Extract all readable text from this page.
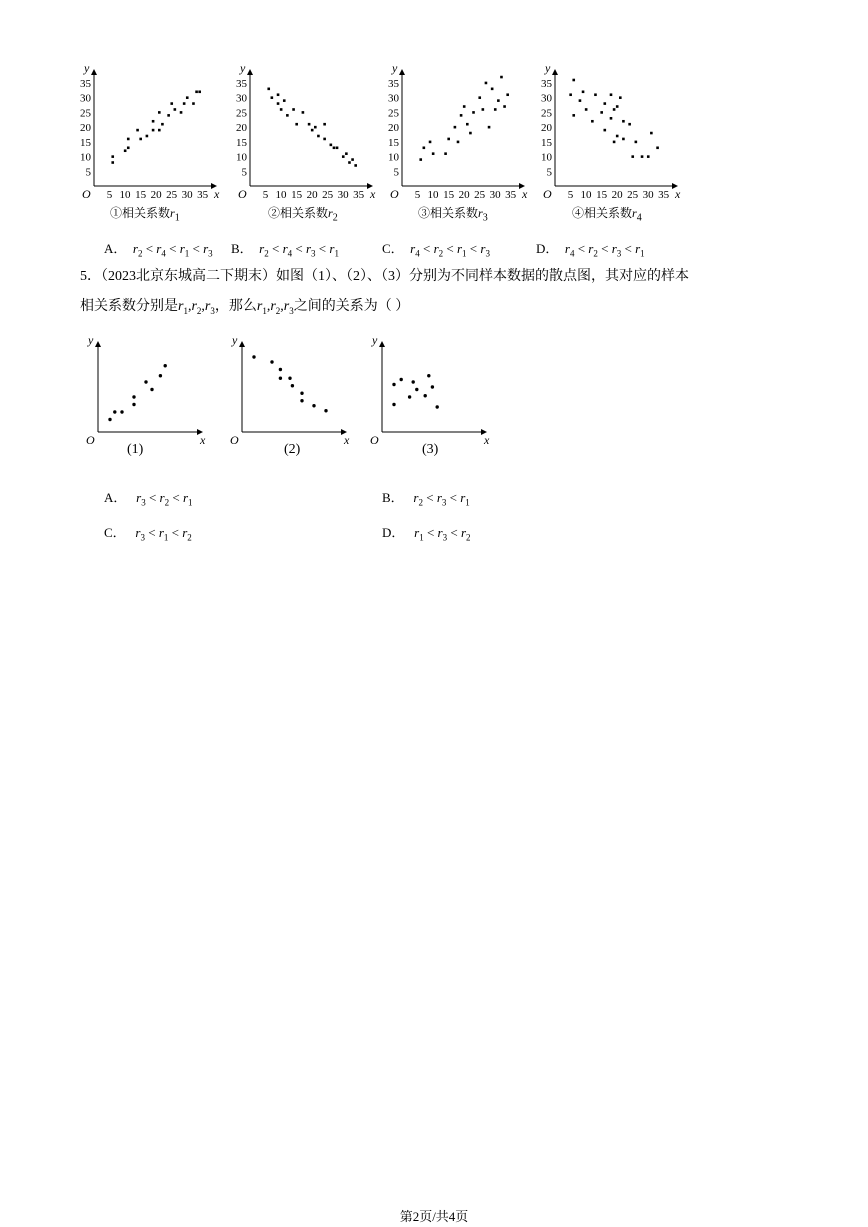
O	x
y
5 10 15 20 25 30 35
5
10
15
20
25
30
35
O	x
y
5 10 15 20 25 30 35
5
10
15
20
25
30
35
O	x
y
5 10 15 20 25 30 35
5
10
15
20
25
30
35
O	x
y
5 10 15 20 25 30 35
5
10
15
20
25
30
35
①相关系数$r_1$	②相关系数$r_2$	③相关系数$r_3$	④相关系数$r_4$
A． $r_2 < r_4 < r_1 < r_3$ B． $r_2 < r_4 < r_3 < r_1$	C． $r_4 < r_2 < r_1 < r_3$	D． $r_4 < r_2 < r_3 < r_1$
5．（2023北京东城高二下期末）如图（1）、（2）、（3）分别为不同样本数据的散点图，其对应的样本
相关系数分别是$r_1,r_2,r_3$，那么$r_1,r_2,r_3$之间的关系为（ ）
O	x
y
O	x
y
O	x
y
(1)	(2)	(3)
A． $r_3 < r_2 < r_1$	B． $r_2 < r_3 < r_1$
C． $r_3 < r_1 < r_2$	D． $r_1 < r_3 < r_2$
第2页/共4页
